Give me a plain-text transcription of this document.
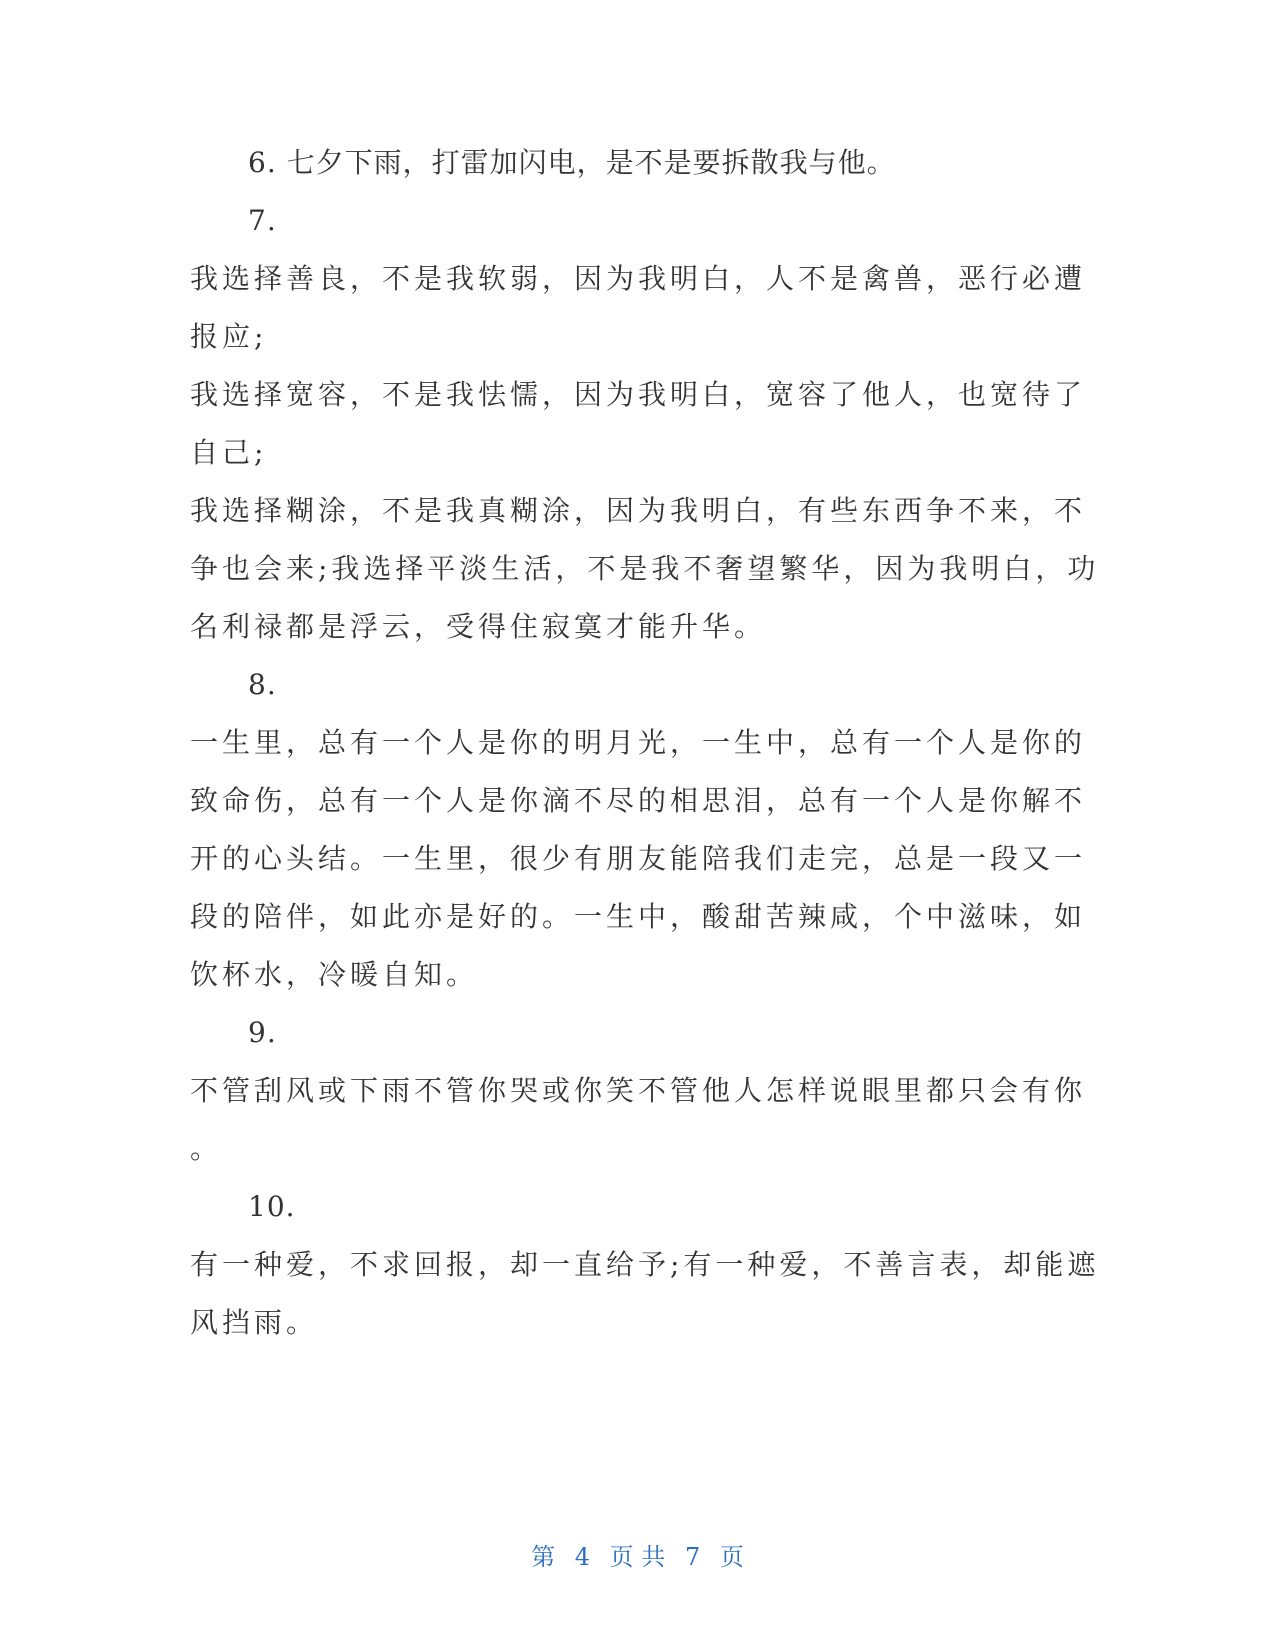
6. 七夕下雨，打雷加闪电，是不是要拆散我与他。
7.
我选择善良，不是我软弱，因为我明白，人不是禽兽，恶行必遭
报应;
我选择宽容，不是我怯懦，因为我明白，宽容了他人，也宽待了
自己;
我选择糊涂，不是我真糊涂，因为我明白，有些东西争不来，不
争也会来;我选择平淡生活，不是我不奢望繁华，因为我明白，功
名利禄都是浮云，受得住寂寞才能升华。
8.
一生里，总有一个人是你的明月光，一生中，总有一个人是你的
致命伤，总有一个人是你滴不尽的相思泪，总有一个人是你解不
开的心头结。一生里，很少有朋友能陪我们走完，总是一段又一
段的陪伴，如此亦是好的。一生中，酸甜苦辣咸，个中滋味，如
饮杯水，冷暖自知。
9.
不管刮风或下雨不管你哭或你笑不管他人怎样说眼里都只会有你
。
10.
有一种爱，不求回报，却一直给予;有一种爱，不善言表，却能遮
风挡雨。
第 4 页 共 7 页
